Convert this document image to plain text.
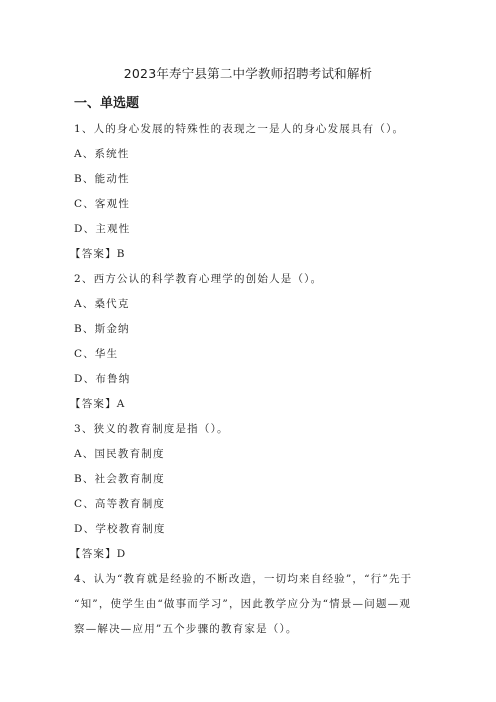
2023年寿宁县第二中学教师招聘考试和解析
一、单选题
1、人的身心发展的特殊性的表现之一是人的身心发展具有（）。
A、系统性
B、能动性
C、客观性
D、主观性
【答案】B
2、西方公认的科学教育心理学的创始人是（）。
A、桑代克
B、斯金纳
C、华生
D、布鲁纳
【答案】A
3、狭义的教育制度是指（）。
A、国民教育制度
B、社会教育制度
C、高等教育制度
D、学校教育制度
【答案】D
4、认为“教育就是经验的不断改造，一切均来自经验”，“行”先于
“知”，使学生由“做事而学习”，因此教学应分为“情景—问题—观
察—解决—应用”五个步骤的教育家是（）。
